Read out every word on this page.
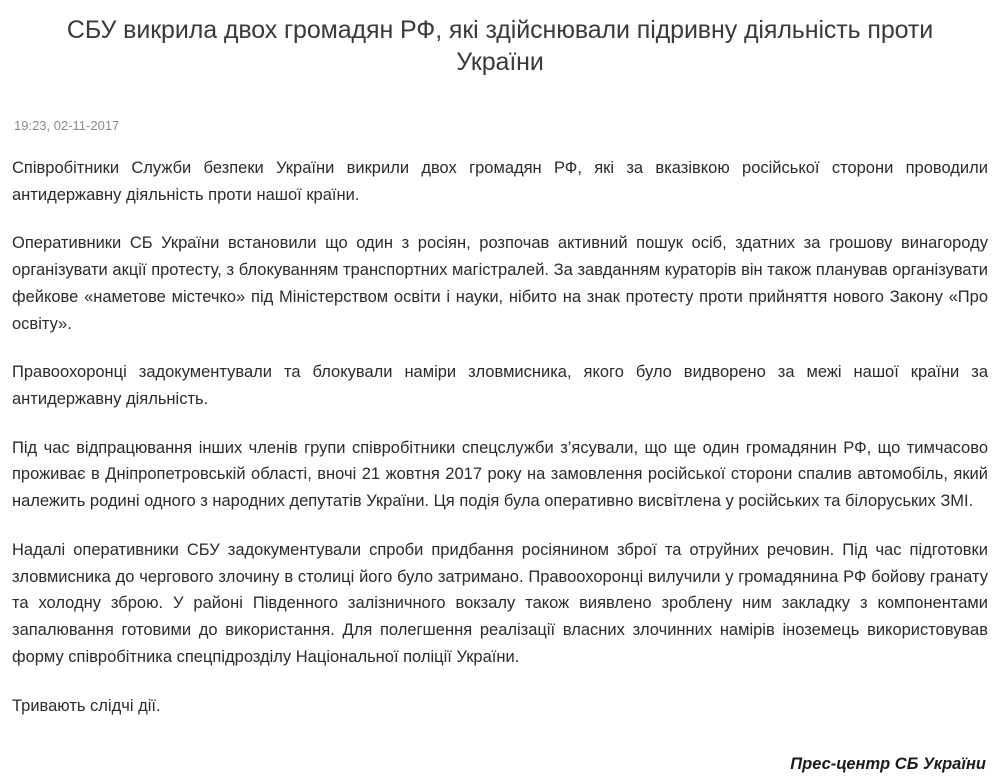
СБУ викрила двох громадян РФ, які здійснювали підривну діяльність проти України
19:23, 02-11-2017

Співробітники Служби безпеки України викрили двох громадян РФ, які за вказівкою російської сторони проводили антидержавну діяльність проти нашої країни.

Оперативники СБ України встановили що один з росіян, розпочав активний пошук осіб, здатних за грошову винагороду організувати акції протесту, з блокуванням транспортних магістралей. За завданням кураторів він також планував організувати фейкове «наметове містечко» під Міністерством освіти і науки, нібито на знак протесту проти прийняття нового Закону «Про освіту».

Правоохоронці задокументували та блокували наміри зловмисника, якого було видворено за межі нашої країни за антидержавну діяльність.

Під час відпрацювання інших членів групи співробітники спецслужби з’ясували, що ще один громадянин РФ, що тимчасово проживає в Дніпропетровській області, вночі 21 жовтня 2017 року на замовлення російської сторони спалив автомобіль, який належить родині одного з народних депутатів України. Ця подія була оперативно висвітлена у російських та білоруських ЗМІ.

Надалі оперативники СБУ задокументували спроби придбання росіянином зброї та отруйних речовин. Під час підготовки зловмисника до чергового злочину в столиці його було затримано. Правоохоронці вилучили у громадянина РФ бойову гранату та холодну зброю. У районі Південного залізничного вокзалу також виявлено зроблену ним закладку з компонентами запалювання готовими до використання. Для полегшення реалізації власних злочинних намірів іноземець використовував форму співробітника спецпідрозділу Національної поліції України.

Тривають слідчі дії.

Прес-центр СБ України
